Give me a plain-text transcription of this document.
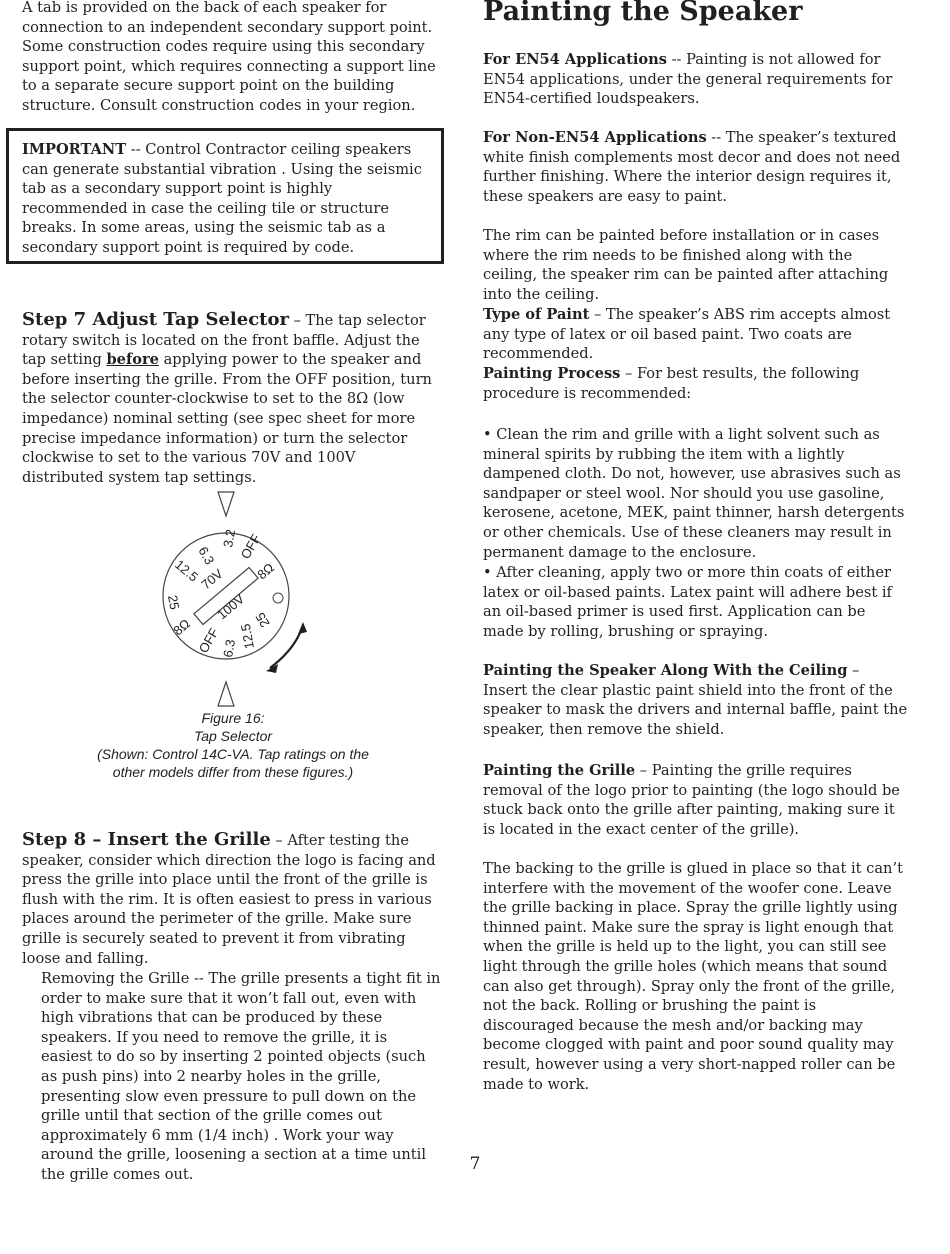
A tab is provided on the back of each speaker for connection to an independent secondary support point. Some construction codes require using this secondary support point, which requires connecting a support line to a separate secure support point on the building structure. Consult construction codes in your region.

IMPORTANT -- Control Contractor ceiling speakers can generate substantial vibration . Using the seismic tab as a secondary support point is highly recommended in case the ceiling tile or structure breaks. In some areas, using the seismic tab as a secondary support point is required by code.

Step 7 Adjust Tap Selector – The tap selector rotary switch is located on the front baffle. Adjust the tap setting before applying power to the speaker and before inserting the grille. From the OFF position, turn the selector counter-clockwise to set to the 8Ω (low impedance) nominal setting (see spec sheet for more precise impedance information) or turn the selector clockwise to set to the various 70V and 100V distributed system tap settings.

3.2 OFF
8Ω
6.3
12.5
25
70V
100V
8Ω OFF
6.3 12.5
25
Figure 16:
Tap Selector
(Shown: Control 14C-VA. Tap ratings on the
other models differ from these figures.)

Step 8 – Insert the Grille – After testing the speaker, consider which direction the logo is facing and press the grille into place until the front of the grille is flush with the rim. It is often easiest to press in various places around the perimeter of the grille. Make sure grille is securely seated to prevent it from vibrating loose and falling.

Removing the Grille -- The grille presents a tight fit in order to make sure that it won’t fall out, even with high vibrations that can be produced by these speakers. If you need to remove the grille, it is easiest to do so by inserting 2 pointed objects (such as push pins) into 2 nearby holes in the grille, presenting slow even pressure to pull down on the grille until that section of the grille comes out approximately 6 mm (1/4 inch) . Work your way around the grille, loosening a section at a time until the grille comes out.

Painting the Speaker

For EN54 Applications -- Painting is not allowed for EN54 applications, under the general requirements for EN54-certified loudspeakers.

For Non-EN54 Applications -- The speaker’s textured white finish complements most decor and does not need further finishing. Where the interior design requires it, these speakers are easy to paint.

The rim can be painted before installation or in cases where the rim needs to be finished along with the ceiling, the speaker rim can be painted after attaching into the ceiling.

Type of Paint – The speaker’s ABS rim accepts almost any type of latex or oil based paint. Two coats are recommended.

Painting Process – For best results, the following procedure is recommended:

• Clean the rim and grille with a light solvent such as mineral spirits by rubbing the item with a lightly dampened cloth. Do not, however, use abrasives such as sandpaper or steel wool. Nor should you use gasoline, kerosene, acetone, MEK, paint thinner, harsh detergents or other chemicals. Use of these cleaners may result in permanent damage to the enclosure.

• After cleaning, apply two or more thin coats of either latex or oil-based paints. Latex paint will adhere best if an oil-based primer is used first. Application can be made by rolling, brushing or spraying.

Painting the Speaker Along With the Ceiling – Insert the clear plastic paint shield into the front of the speaker to mask the drivers and internal baffle, paint the speaker, then remove the shield.

Painting the Grille – Painting the grille requires removal of the logo prior to painting (the logo should be stuck back onto the grille after painting, making sure it is located in the exact center of the grille).

The backing to the grille is glued in place so that it can’t interfere with the movement of the woofer cone. Leave the grille backing in place. Spray the grille lightly using thinned paint. Make sure the spray is light enough that when the grille is held up to the light, you can still see light through the grille holes (which means that sound can also get through). Spray only the front of the grille, not the back. Rolling or brushing the paint is discouraged because the mesh and/or backing may become clogged with paint and poor sound quality may result, however using a very short-napped roller can be made to work.

7
